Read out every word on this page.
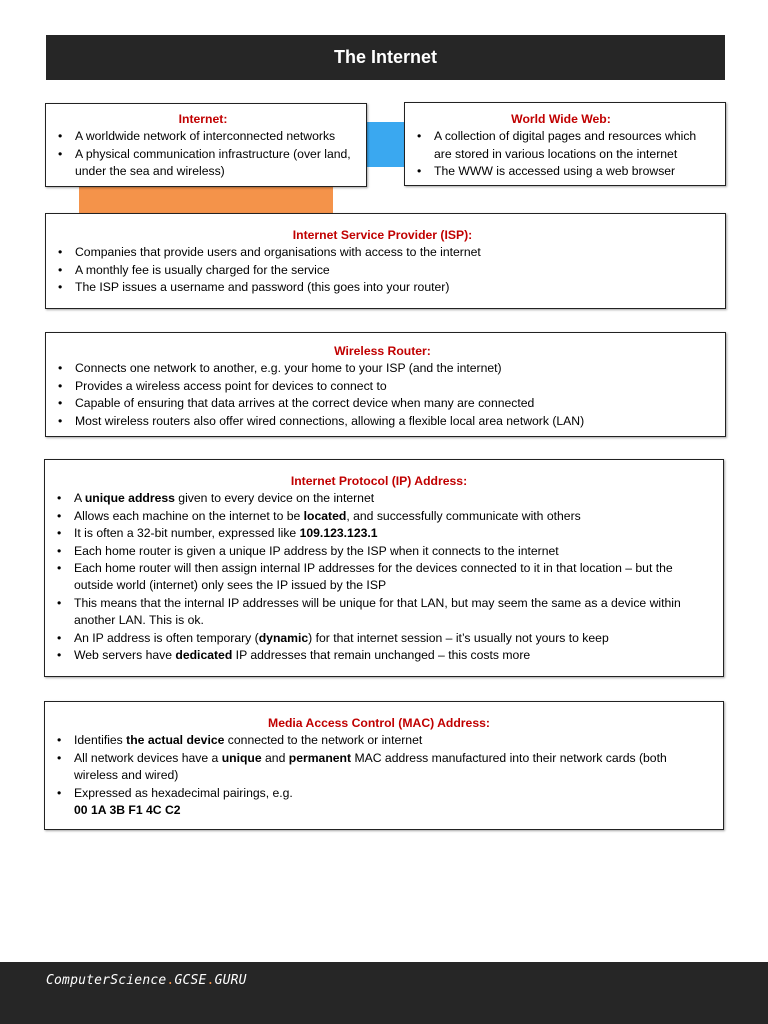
The Internet
Internet:
• A worldwide network of interconnected networks
• A physical communication infrastructure (over land, under the sea and wireless)
World Wide Web:
• A collection of digital pages and resources which are stored in various locations on the internet
• The WWW is accessed using a web browser
Internet Service Provider (ISP):
• Companies that provide users and organisations with access to the internet
• A monthly fee is usually charged for the service
• The ISP issues a username and password (this goes into your router)
Wireless Router:
• Connects one network to another, e.g. your home to your ISP (and the internet)
• Provides a wireless access point for devices to connect to
• Capable of ensuring that data arrives at the correct device when many are connected
• Most wireless routers also offer wired connections, allowing a flexible local area network (LAN)
Internet Protocol (IP) Address:
• A unique address given to every device on the internet
• Allows each machine on the internet to be located, and successfully communicate with others
• It is often a 32-bit number, expressed like 109.123.123.1
• Each home router is given a unique IP address by the ISP when it connects to the internet
• Each home router will then assign internal IP addresses for the devices connected to it in that location – but the outside world (internet) only sees the IP issued by the ISP
• This means that the internal IP addresses will be unique for that LAN, but may seem the same as a device within another LAN. This is ok.
• An IP address is often temporary (dynamic) for that internet session – it’s usually not yours to keep
• Web servers have dedicated IP addresses that remain unchanged – this costs more
Media Access Control (MAC) Address:
• Identifies the actual device connected to the network or internet
• All network devices have a unique and permanent MAC address manufactured into their network cards (both wireless and wired)
• Expressed as hexadecimal pairings, e.g.
00 1A 3B F1 4C C2
ComputerScience.GCSE.GURU
